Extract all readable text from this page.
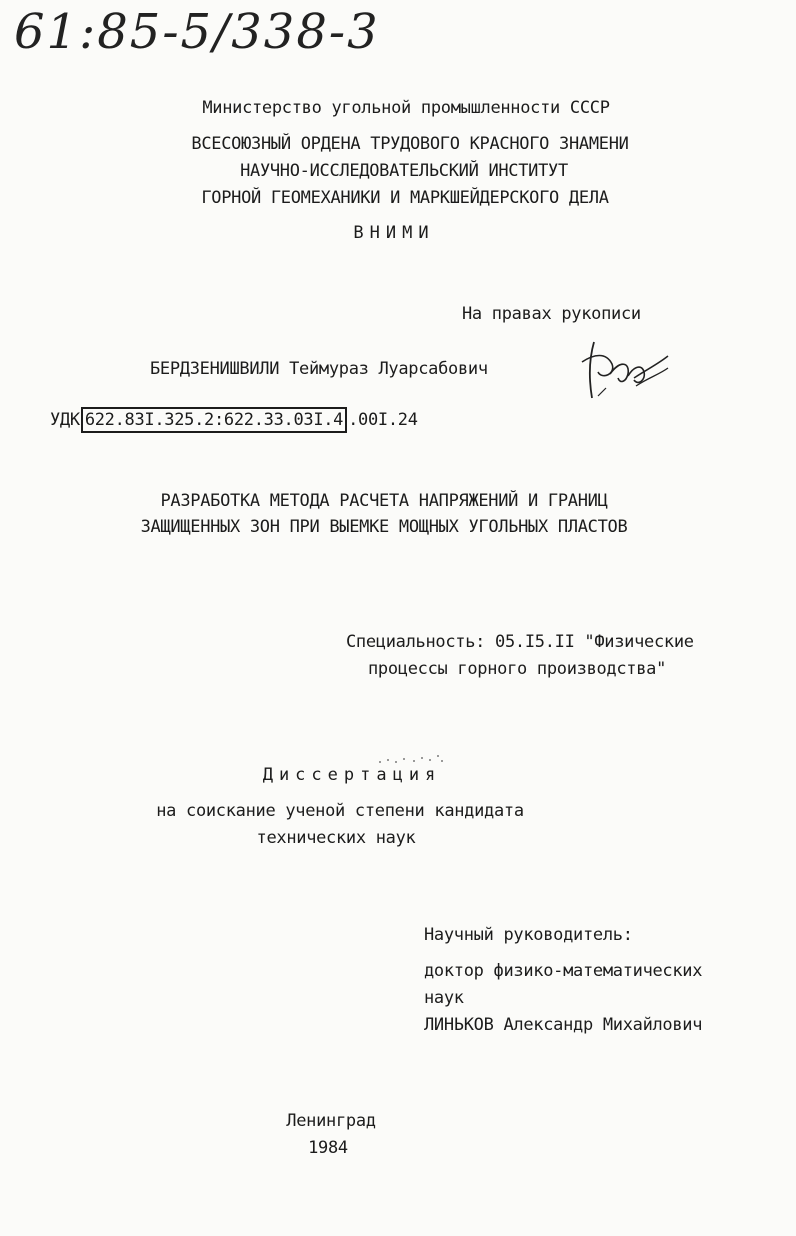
61:85-5/338-3
Министерство угольной промышленности СССР
ВСЕСОЮЗНЫЙ ОРДЕНА ТРУДОВОГО КРАСНОГО ЗНАМЕНИ
НАУЧНО-ИССЛЕДОВАТЕЛЬСКИЙ ИНСТИТУТ
ГОРНОЙ ГЕОМЕХАНИКИ И МАРКШЕЙДЕРСКОГО ДЕЛА
ВНИМИ
На правах рукописи
БЕРДЗЕНИШВИЛИ Теймураз Луарсабович
УДК 622.83I.325.2:622.33.03I.4 .00I.24
РАЗРАБОТКА МЕТОДА РАСЧЕТА НАПРЯЖЕНИЙ И ГРАНИЦ
ЗАЩИЩЕННЫХ ЗОН ПРИ ВЫЕМКЕ МОЩНЫХ УГОЛЬНЫХ ПЛАСТОВ
Специальность: 05.I5.II "Физические
процессы горного производства"
Диссертация
на соискание ученой степени кандидата
технических наук
Научный руководитель:
доктор физико-математических
наук
ЛИНЬКОВ Александр Михайлович
Ленинград
1984
